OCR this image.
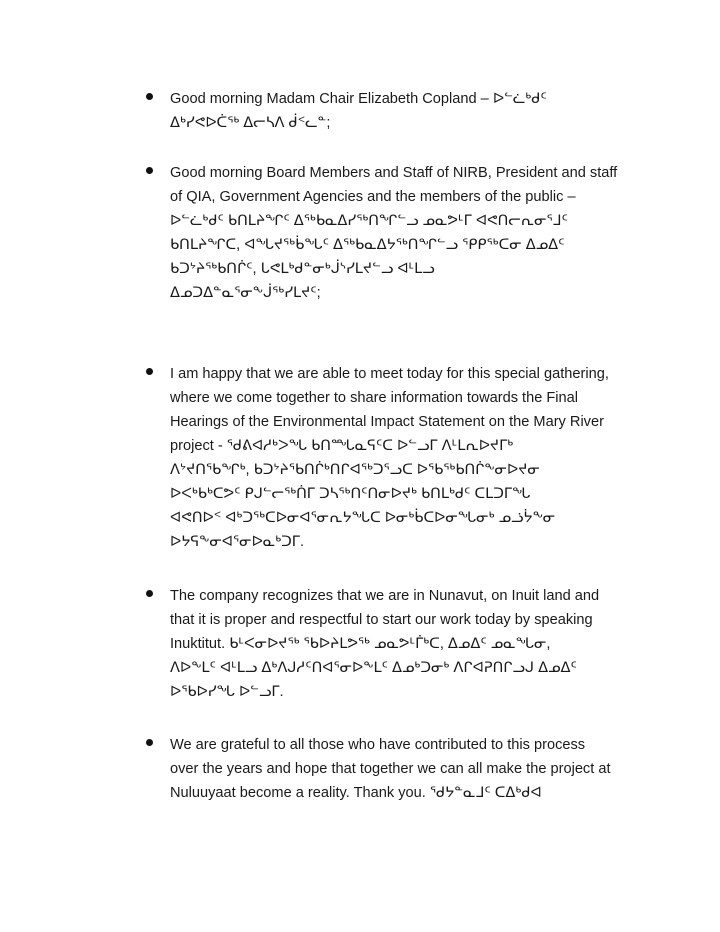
Good morning Madam Chair Elizabeth Copland – ᐅᓪᓛᒃᑯᑦ
ᐃᒃᓯᕙᐅᑖᖅ ᐃᓕᓴᐱ ᑰᑉᓚᓐ;
Good morning Board Members and Staff of NIRB, President and staff
of QIA, Government Agencies and the members of the public –
ᐅᓪᓛᒃᑯᑦ ᑲᑎᒪᔨᖏᑦ ᐃᖅᑲᓇᐃᓯᖅᑎᖏᓪᓗ ᓄᓇᕗᒻᒥ ᐊᕙᑎᓕᕆᓂᕐᒧᑦ
ᑲᑎᒪᔨᖏᑕ, ᐊᖓᔪᖅᑳᖓᑦ ᐃᖅᑲᓇᐃᔭᖅᑎᖏᓪᓗ ᕿᑭᖅᑕᓂ ᐃᓄᐃᑦ
ᑲᑐᔾᔨᖅᑲᑎᒌᑦ, ᒐᕙᒪᒃᑯᓐᓂᒃᒎᔅᓯᒪᔪᓪᓗ ᐊᒻᒪᓗ
ᐃᓄᑐᐃᓐᓇᕐᓂᖕᒎᖅᓯᒪᔪᑦ;
I am happy that we are able to meet today for this special gathering,
where we come together to share information towards the Final
Hearings of the Environmental Impact Statement on the Mary River
project - ᖁᕕᐊᓱᒃᐳᖓ ᑲᑎᙵᓇᕋᑦᑕ ᐅᓪᓗᒥ ᐱᒻᒪᕆᐅᔪᒥᒃ
ᐱᔾᔪᑎᖃᖏᒃ, ᑲᑐᔾᔨᖃᑎᒌᒃᑎᒋᐊᖅᑐᕐᓗᑕ ᐅᖃᖅᑲᑎᒌᖕᓂᐅᔪᓂ
ᐅᐸᒃᑲᒃᑕᕗᑦ ᑭᒍᓪᓕᖅᑏᒥ ᑐᓴᖅᑎᑦᑎᓂᐅᔪᒃ ᑲᑎᒪᒃᑯᑦ ᑕᒪᑐᒥᖓ
ᐊᕙᑎᐅᑉ ᐊᒃᑐᖅᑕᐅᓂᐊᕐᓂᕆᔭᖓᑕ ᐅᓂᒃᑳᑕᐅᓂᖓᓂᒃ ᓄᓘᔮᖕᓂ
ᐅᔭᕋᖕᓂᐊᕐᓂᐅᓇᒃᑐᒥ.
The company recognizes that we are in Nunavut, on Inuit land and
that it is proper and respectful to start our work today by speaking
Inuktitut. ᑲᒻᐸᓂᐅᔪᖅ ᖃᐅᔨᒪᕗᖅ ᓄᓇᕗᒻᒦᒃᑕ, ᐃᓄᐃᑦ ᓄᓇᖓᓂ,
ᐱᐅᖕᒪᑦ ᐊᒻᒪᓗ ᐃᒃᐱᒍᓱᑦᑎᐊᕐᓂᐅᖕᒪᑦ ᐃᓄᒃᑐᓂᒃ ᐱᒋᐊᕈᑎᒋᓗᒍ ᐃᓄᐃᑦ
ᐅᖃᐅᓯᖓ ᐅᓪᓗᒥ.
We are grateful to all those who have contributed to this process
over the years and hope that together we can all make the project at
Nuluuyaat become a reality. Thank you. ᖁᔭᓐᓇᒧᑦ ᑕᐃᒃᑯᐊ
